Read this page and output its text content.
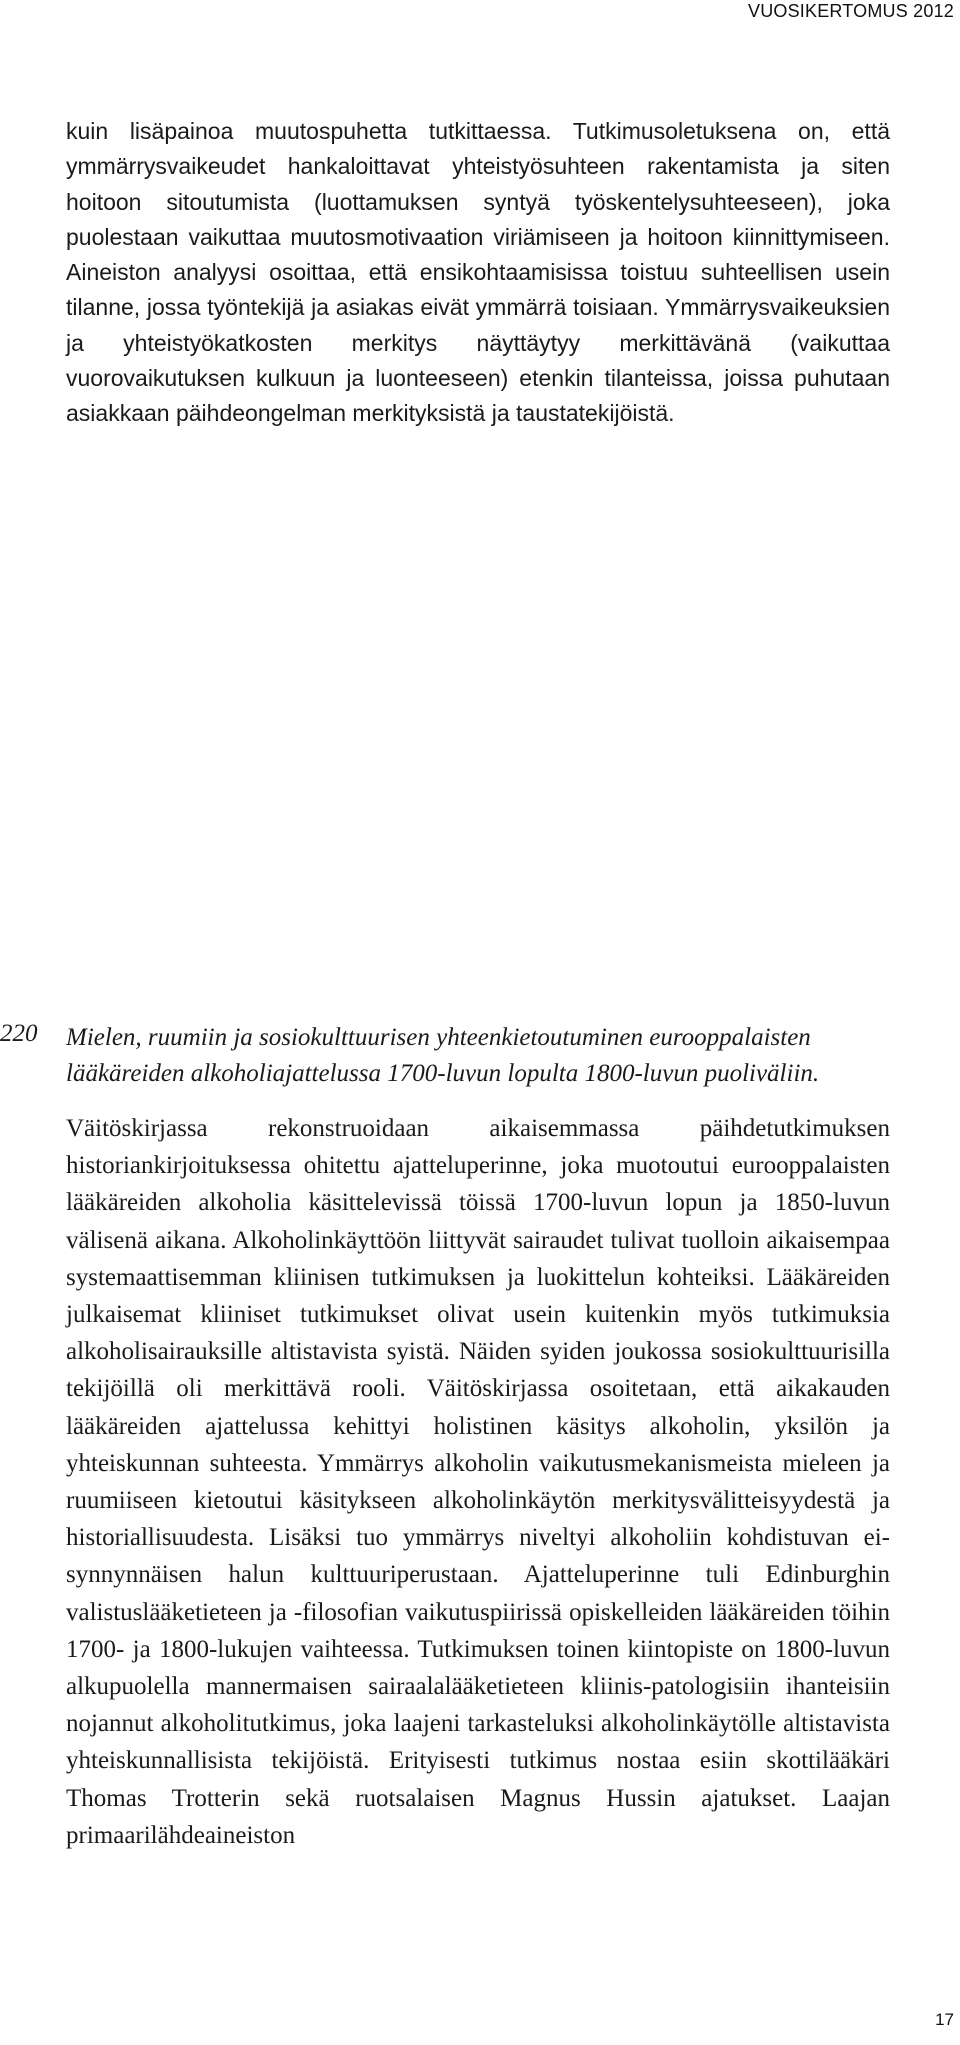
VUOSIKERTOMUS 2012

kuin lisäpainoa muutospuhetta tutkittaessa. Tutkimusoletuksena on, että ymmärrysvaikeudet hankaloittavat yhteistyösuhteen rakentamista ja siten hoitoon sitoutumista (luottamuksen syntyä työskentelysuhteeseen), joka puolestaan vaikuttaa muutosmotivaation viriämiseen ja hoitoon kiinnittymiseen. Aineiston analyysi osoittaa, että ensikohtaamisissa toistuu suhteellisen usein tilanne, jossa työntekijä ja asiakas eivät ymmärrä toisiaan. Ymmärrysvaikeuksien ja yhteistyökatkosten merkitys näyttäytyy merkittävänä (vaikuttaa vuorovaikutuksen kulkuun ja luonteeseen) etenkin tilanteissa, joissa puhutaan asiakkaan päihdeongelman merkityksistä ja taustatekijöistä.

220 Mielen, ruumiin ja sosiokulttuurisen yhteenkietoutuminen eurooppalaisten lääkäreiden alkoholiajattelussa 1700-luvun lopulta 1800-luvun puoliväliin.

Väitöskirjassa rekonstruoidaan aikaisemmassa päihdetutkimuksen historiankirjoituksessa ohitettu ajatteluperinne, joka muotoutui eurooppalaisten lääkäreiden alkoholia käsittelevissä töissä 1700-luvun lopun ja 1850-luvun välisenä aikana. Alkoholinkäyttöön liittyvät sairaudet tulivat tuolloin aikaisempaa systemaattisemman kliinisen tutkimuksen ja luokittelun kohteiksi. Lääkäreiden julkaisemat kliiniset tutkimukset olivat usein kuitenkin myös tutkimuksia alkoholisairauksille altistavista syistä. Näiden syiden joukossa sosiokulttuurisilla tekijöillä oli merkittävä rooli. Väitöskirjassa osoitetaan, että aikakauden lääkäreiden ajattelussa kehittyi holistinen käsitys alkoholin, yksilön ja yhteiskunnan suhteesta. Ymmärrys alkoholin vaikutusmekanismeista mieleen ja ruumiiseen kietoutui käsitykseen alkoholinkäytön merkitysvälitteisyydestä ja historiallisuudesta. Lisäksi tuo ymmärrys niveltyi alkoholiin kohdistuvan ei-synnynnäisen halun kulttuuriperustaan. Ajatteluperinne tuli Edinburghin valistuslääketieteen ja -filosofian vaikutuspiirissä opiskelleiden lääkäreiden töihin 1700- ja 1800-lukujen vaihteessa. Tutkimuksen toinen kiintopiste on 1800-luvun alkupuolella mannermaisen sairaalalääketieteen kliinis-patologisiin ihanteisiin nojannut alkoholitutkimus, joka laajeni tarkasteluksi alkoholinkäytölle altistavista yhteiskunnallisista tekijöistä. Erityisesti tutkimus nostaa esiin skottilääkäri Thomas Trotterin sekä ruotsalaisen Magnus Hussin ajatukset. Laajan primaarilähdeaineiston

17
